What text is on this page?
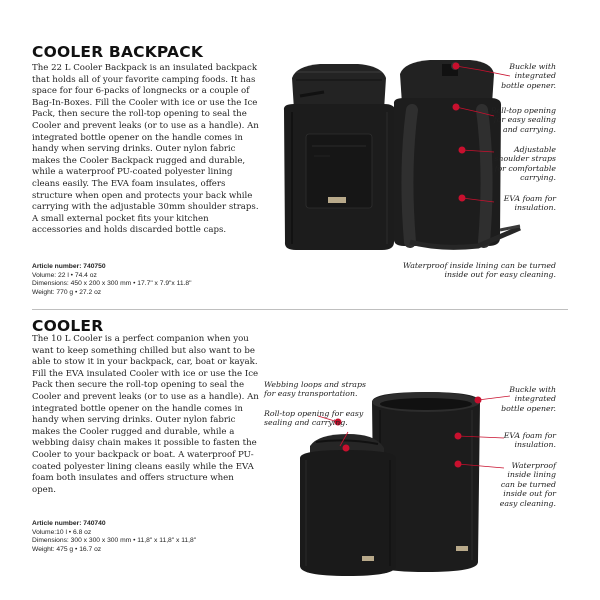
COOLER BACKPACK

The 22 L Cooler Backpack is an insulated backpack that holds all of your favorite camping foods. It has space for four 6-packs of longnecks or a couple of Bag-In-Boxes. Fill the Cooler with ice or use the Ice Pack, then secure the roll-top opening to seal the Cooler and prevent leaks (or to use as a handle). An integrated bottle opener on the handle comes in handy when serving drinks. Outer nylon fabric makes the Cooler Backpack rugged and durable, while a waterproof PU-coated polyester lining cleans easily. The EVA foam insulates, offers structure when open and protects your back while carrying with the adjustable 30mm shoulder straps. A small external pocket fits your kitchen accessories and holds discarded bottle caps.

Article number: 740750
Volume: 22 l • 74.4 oz
Dimensions: 450 x 200 x 300 mm • 17.7" x 7.9"x 11.8"
Weight: 770 g • 27.2 oz
Buckle with integrated bottle opener.
Roll-top opening for easy sealing and carrying.
Adjustable shoulder straps for comfortable carrying.
EVA foam for insulation.
Waterproof inside lining can be turned inside out for easy cleaning.
COOLER

The 10 L Cooler is a perfect companion when you want to keep something chilled but also want to be able to stow it in your backpack, car, boat or kayak. Fill the EVA insulated Cooler with ice or use the Ice Pack then secure the roll-top opening to seal the Cooler and prevent leaks (or to use as a handle). An integrated bottle opener on the handle comes in handy when serving drinks. Outer nylon fabric makes the Cooler rugged and durable, while a webbing daisy chain makes it possible to fasten the Cooler to your backpack or boat. A waterproof PU-coated polyester lining cleans easily while the EVA foam both insulates and offers structure when open.

Article number: 740740
Volume:10 l • 6.8 oz
Dimensions: 300 x 300 x 300 mm • 11,8" x 11,8" x 11,8"
Weight: 475 g • 16.7 oz
Webbing loops and straps for easy transportation.
Roll-top opening for easy sealing and carrying.
Buckle with integrated bottle opener.
EVA foam for insulation.
Waterproof inside lining can be turned inside out for easy cleaning.
